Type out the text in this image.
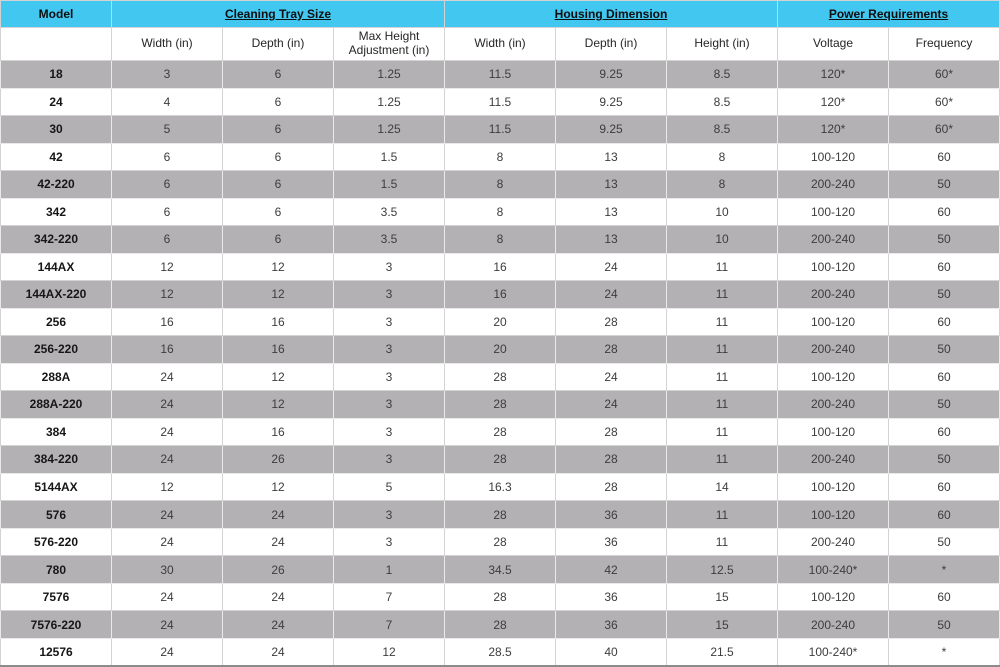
Model	Cleaning Tray Size			Housing Dimension			Power Requirements	
	Width (in)	Depth (in)	Max Height Adjustment (in)	Width (in)	Depth (in)	Height (in)	Voltage	Frequency
18	3	6	1.25	11.5	9.25	8.5	120*	60*
24	4	6	1.25	11.5	9.25	8.5	120*	60*
30	5	6	1.25	11.5	9.25	8.5	120*	60*
42	6	6	1.5	8	13	8	100-120	60
42-220	6	6	1.5	8	13	8	200-240	50
342	6	6	3.5	8	13	10	100-120	60
342-220	6	6	3.5	8	13	10	200-240	50
144AX	12	12	3	16	24	11	100-120	60
144AX-220	12	12	3	16	24	11	200-240	50
256	16	16	3	20	28	11	100-120	60
256-220	16	16	3	20	28	11	200-240	50
288A	24	12	3	28	24	11	100-120	60
288A-220	24	12	3	28	24	11	200-240	50
384	24	16	3	28	28	11	100-120	60
384-220	24	26	3	28	28	11	200-240	50
5144AX	12	12	5	16.3	28	14	100-120	60
576	24	24	3	28	36	11	100-120	60
576-220	24	24	3	28	36	11	200-240	50
780	30	26	1	34.5	42	12.5	100-240*	*
7576	24	24	7	28	36	15	100-120	60
7576-220	24	24	7	28	36	15	200-240	50
12576	24	24	12	28.5	40	21.5	100-240*	*
